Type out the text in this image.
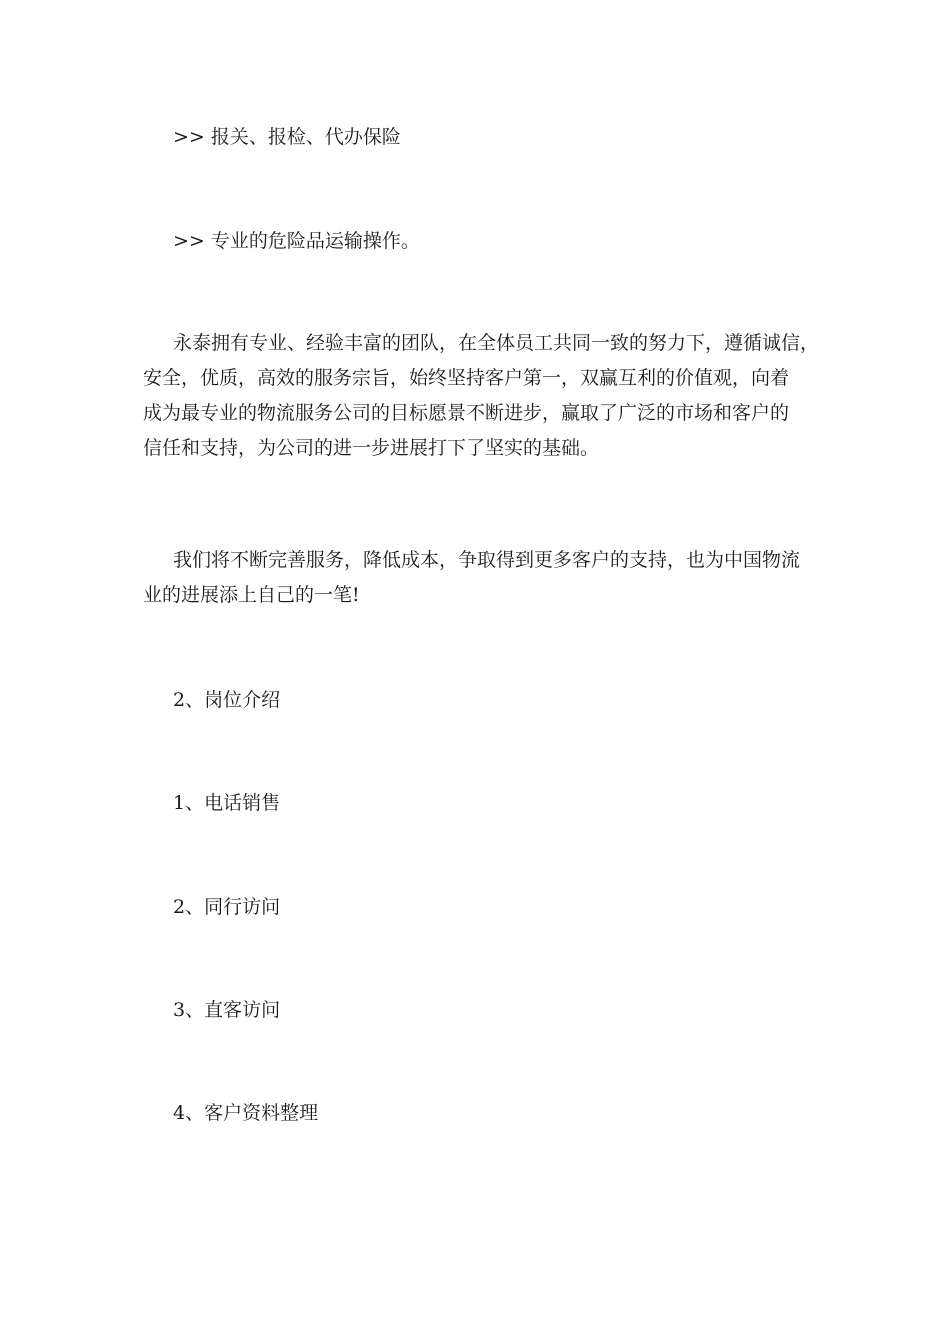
>> 报关、报检、代办保险
>> 专业的危险品运输操作。
永泰拥有专业、经验丰富的团队，在全体员工共同一致的努力下，遵循诚信，
安全，优质，高效的服务宗旨，始终坚持客户第一，双赢互利的价值观，向着
成为最专业的物流服务公司的目标愿景不断进步，赢取了广泛的市场和客户的
信任和支持，为公司的进一步进展打下了坚实的基础。
我们将不断完善服务，降低成本，争取得到更多客户的支持，也为中国物流
业的进展添上自己的一笔!
2、岗位介绍
1、电话销售
2、同行访问
3、直客访问
4、客户资料整理
